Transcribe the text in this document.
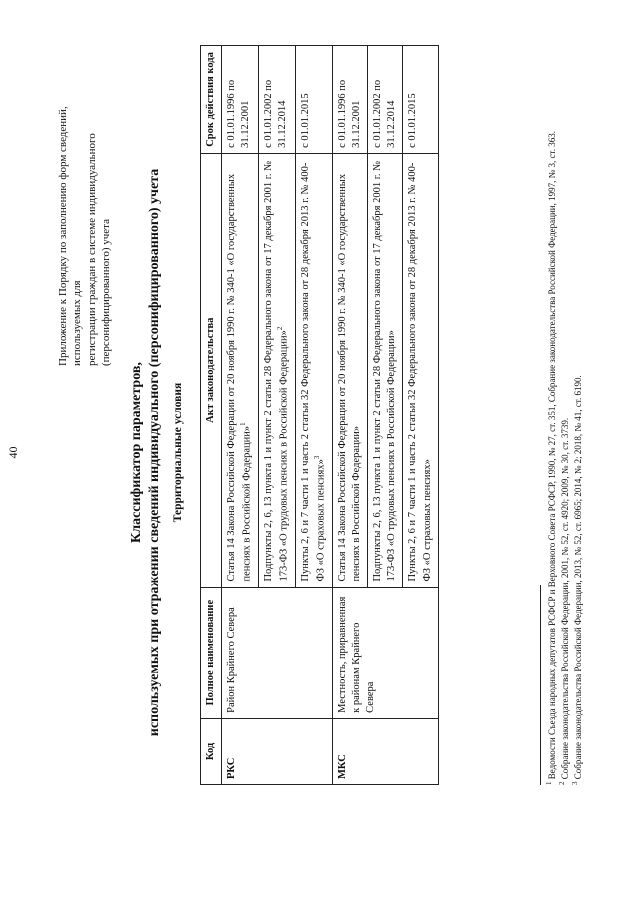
40
Приложение к Порядку по заполнению форм сведений, используемых для регистрации граждан в системе индивидуального (персонифицированного) учета
Классификатор параметров, используемых при отражении сведений индивидуального (персонифицированного) учета Территориальные условия
Код	Полное наименование	Акт законодательства	Срок действия кода
РКС	Район Крайнего Севера	Статья 14 Закона Российской Федерации от 20 ноября 1990 г. № 340-1 «О государственных пенсиях в Российской Федерации»$^1$	с 01.01.1996 по 31.12.2001
		Подпункты 2, 6, 13 пункта 1 и пункт 2 статьи 28 Федерального закона от 17 декабря 2001 г. № 173-ФЗ «О трудовых пенсиях в Российской Федерации»$^2$	с 01.01.2002 по 31.12.2014
		Пункты 2, 6 и 7 части 1 и часть 2 статьи 32 Федерального закона от 28 декабря 2013 г. № 400-ФЗ «О страховых пенсиях»$^3$	с 01.01.2015
МКС	Местность, приравненная к районам Крайнего Севера	Статья 14 Закона Российской Федерации от 20 ноября 1990 г. № 340-1 «О государственных пенсиях в Российской Федерации»	с 01.01.1996 по 31.12.2001
		Подпункты 2, 6, 13 пункта 1 и пункт 2 статьи 28 Федерального закона от 17 декабря 2001 г. № 173-ФЗ «О трудовых пенсиях в Российской Федерации»	с 01.01.2002 по 31.12.2014
		Пункты 2, 6 и 7 части 1 и часть 2 статьи 32 Федерального закона от 28 декабря 2013 г. № 400-ФЗ «О страховых пенсиях»	с 01.01.2015
$^1$ Ведомости Съезда народных депутатов РСФСР и Верховного Совета РСФСР, 1990, № 27, ст. 351, Собрание законодательства Российской Федерации, 1997, № 3, ст. 363.
$^2$ Собрание законодательства Российской Федерации, 2001, № 52, ст. 4920; 2009, № 30, ст. 3739.
$^3$ Собрание законодательства Российской Федерации, 2013, № 52, ст. 6965; 2014, № 2; 2018, № 41, ст. 6190.
